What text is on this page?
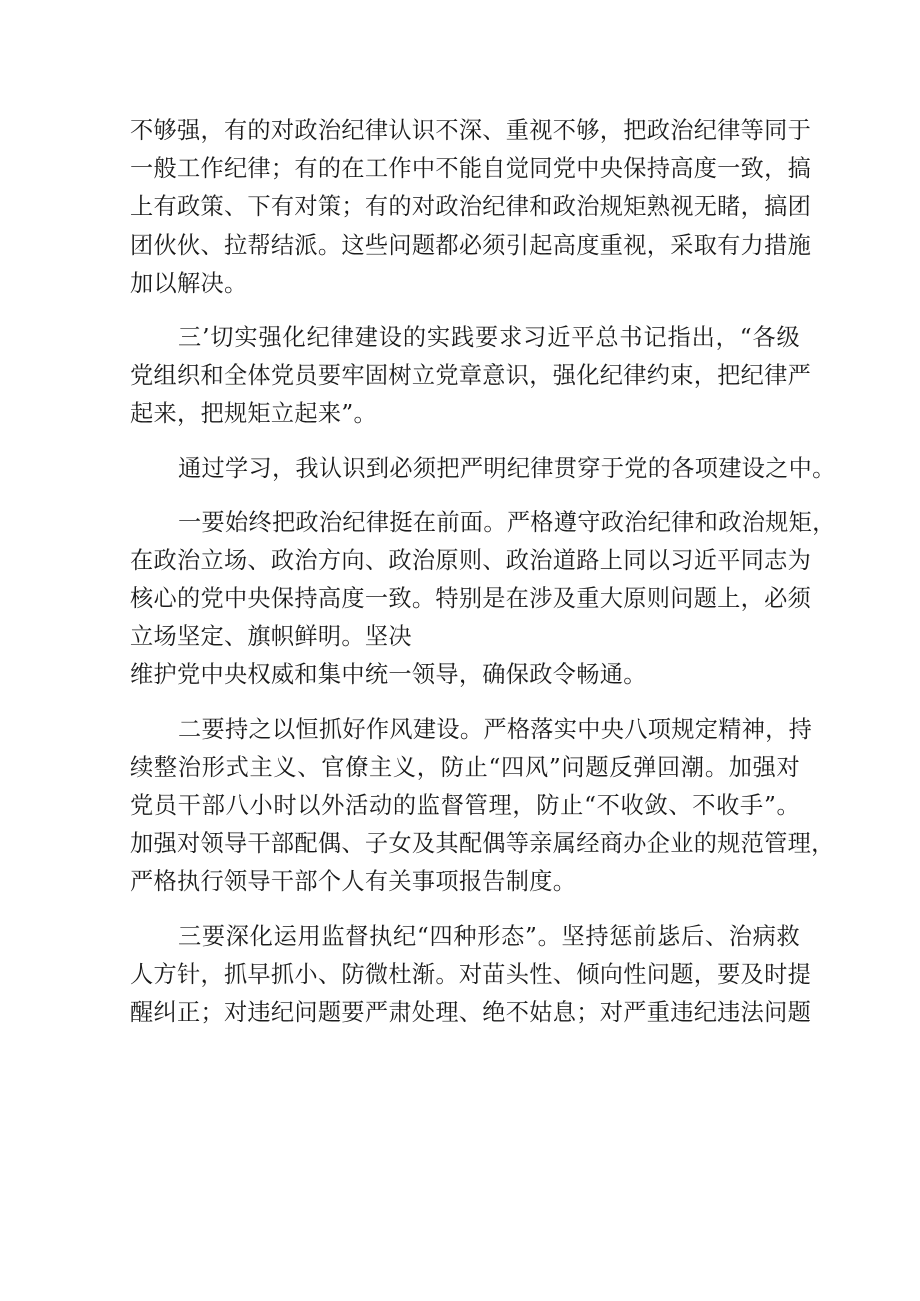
不够强，有的对政治纪律认识不深、重视不够，把政治纪律等同于
一般工作纪律；有的在工作中不能自觉同党中央保持高度一致，搞
上有政策、下有对策；有的对政治纪律和政治规矩熟视无睹，搞团
团伙伙、拉帮结派。这些问题都必须引起高度重视，采取有力措施
加以解决。
三’切实强化纪律建设的实践要求习近平总书记指出，“各级
党组织和全体党员要牢固树立党章意识，强化纪律约束，把纪律严
起来，把规矩立起来”。
通过学习，我认识到必须把严明纪律贯穿于党的各项建设之中。
一要始终把政治纪律挺在前面。严格遵守政治纪律和政治规矩，
在政治立场、政治方向、政治原则、政治道路上同以习近平同志为
核心的党中央保持高度一致。特别是在涉及重大原则问题上，必须
立场坚定、旗帜鲜明。坚决
维护党中央权威和集中统一领导，确保政令畅通。
二要持之以恒抓好作风建设。严格落实中央八项规定精神，持
续整治形式主义、官僚主义，防止“四风”问题反弹回潮。加强对
党员干部八小时以外活动的监督管理，防止“不收敛、不收手”。
加强对领导干部配偶、子女及其配偶等亲属经商办企业的规范管理，
严格执行领导干部个人有关事项报告制度。
三要深化运用监督执纪“四种形态”。坚持惩前毖后、治病救
人方针，抓早抓小、防微杜渐。对苗头性、倾向性问题，要及时提
醒纠正；对违纪问题要严肃处理、绝不姑息；对严重违纪违法问题
